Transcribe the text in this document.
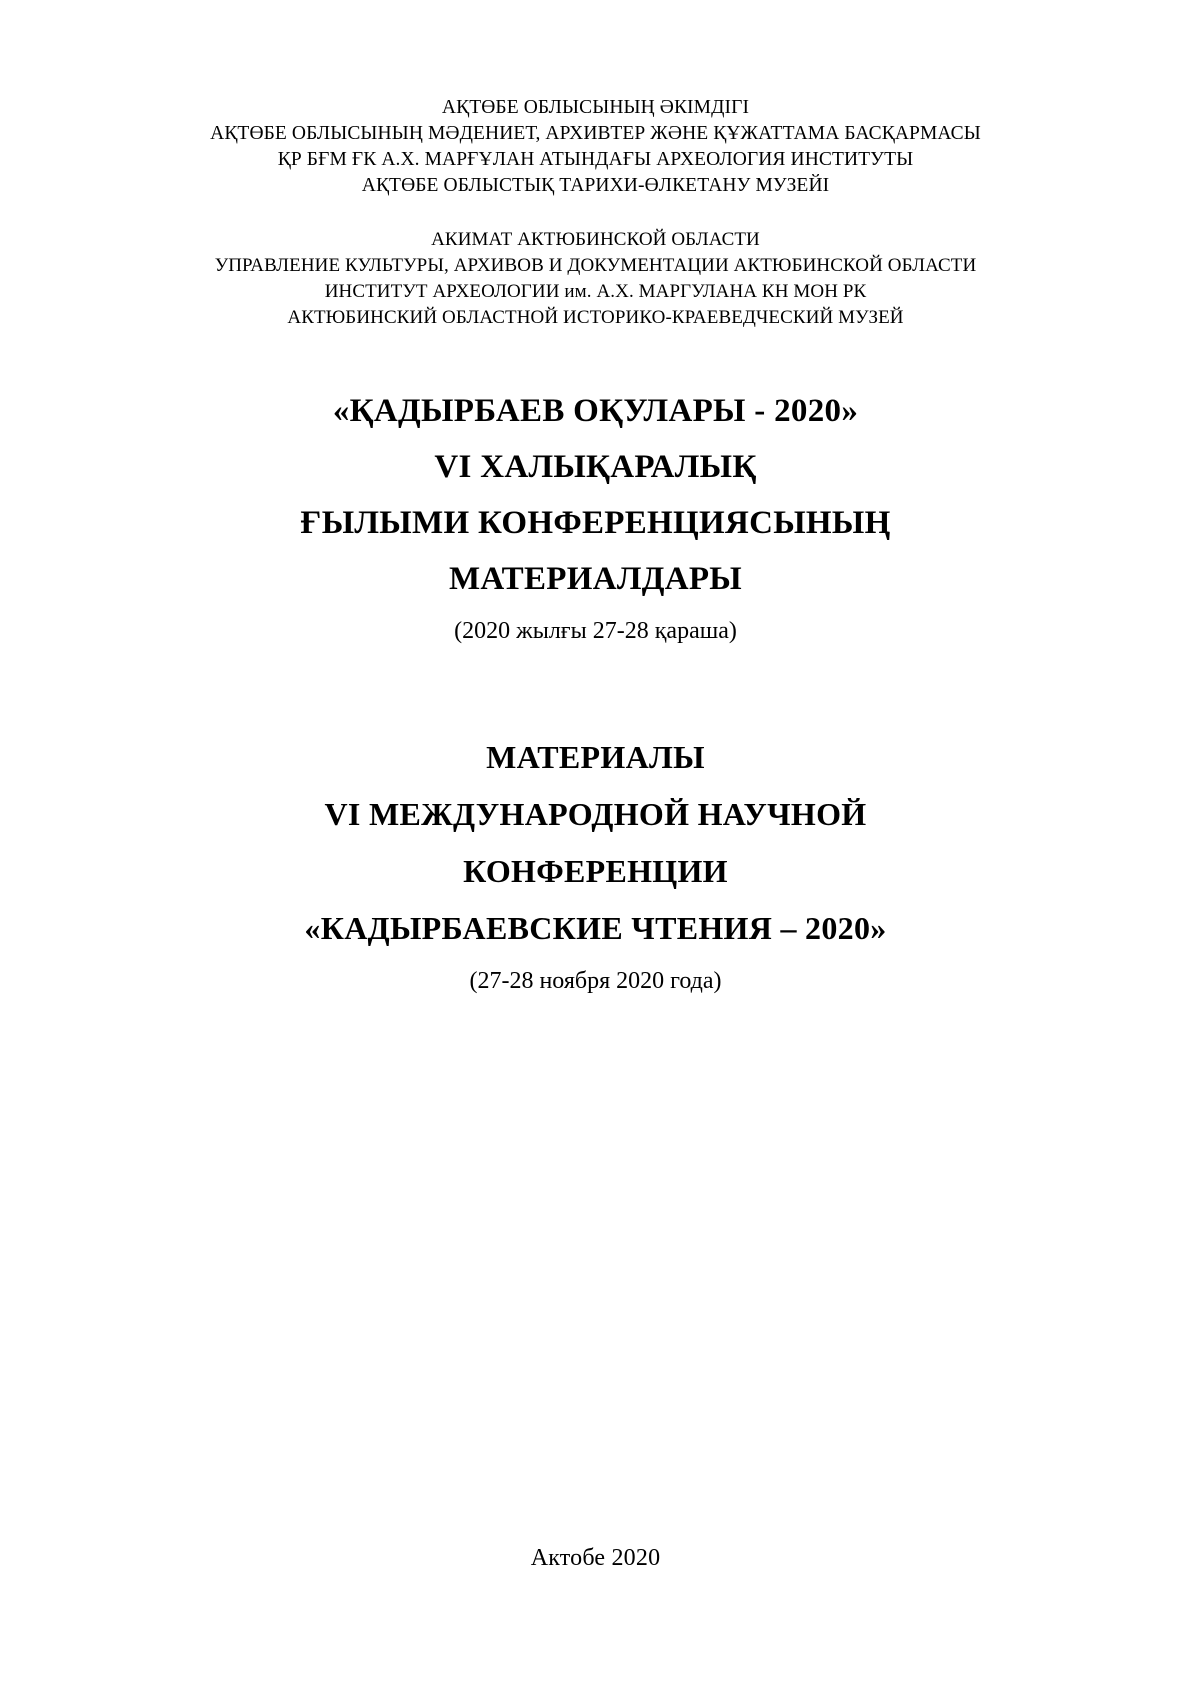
АҚТӨБЕ ОБЛЫСЫНЫҢ ӘКІМДІГІ
АҚТӨБЕ ОБЛЫСЫНЫҢ МӘДЕНИЕТ, АРХИВТЕР ЖӘНЕ ҚҰЖАТТАМА БАСҚАРМАСЫ
ҚР БҒМ ҒК А.Х. МАРҒҰЛАН АТЫНДАҒЫ АРХЕОЛОГИЯ ИНСТИТУТЫ
АҚТӨБЕ ОБЛЫСТЫҚ ТАРИХИ-ӨЛКЕТАНУ МУЗЕЙІ
АКИМАТ АКТЮБИНСКОЙ ОБЛАСТИ
УПРАВЛЕНИЕ КУЛЬТУРЫ, АРХИВОВ И ДОКУМЕНТАЦИИ АКТЮБИНСКОЙ ОБЛАСТИ
ИНСТИТУТ АРХЕОЛОГИИ им. А.Х. МАРГУЛАНА КН МОН РК
АКТЮБИНСКИЙ ОБЛАСТНОЙ ИСТОРИКО-КРАЕВЕДЧЕСКИЙ МУЗЕЙ
«ҚАДЫРБАЕВ ОҚУЛАРЫ - 2020»
VI ХАЛЫҚАРАЛЫҚ
ҒЫЛЫМИ КОНФЕРЕНЦИЯСЫНЫҢ
МАТЕРИАЛДАРЫ
(2020 жылғы 27-28 қараша)
МАТЕРИАЛЫ
VI МЕЖДУНАРОДНОЙ НАУЧНОЙ
КОНФЕРЕНЦИИ
«КАДЫРБАЕВСКИЕ ЧТЕНИЯ – 2020»
(27-28 ноября 2020 года)
Актобе 2020
